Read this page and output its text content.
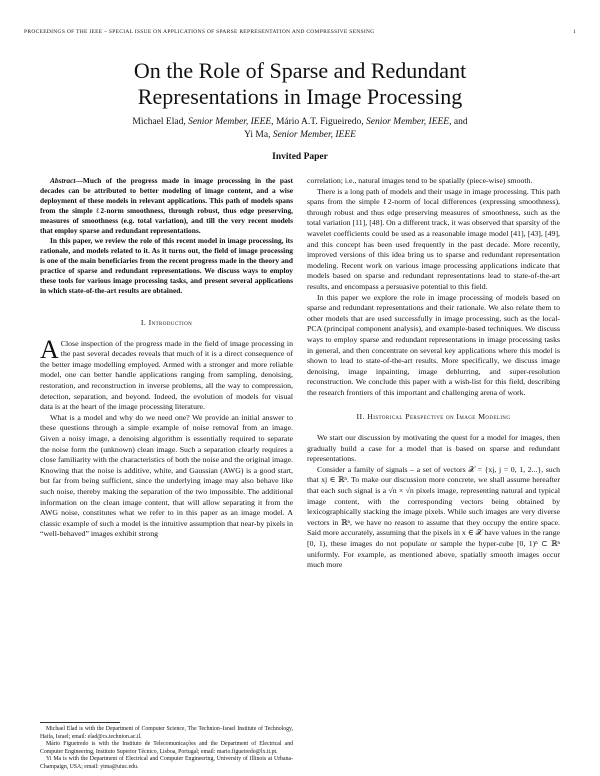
PROCEEDINGS OF THE IEEE – SPECIAL ISSUE ON APPLICATIONS OF SPARSE REPRESENTATION AND COMPRESSIVE SENSING	1
On the Role of Sparse and Redundant
Representations in Image Processing
Michael Elad, Senior Member, IEEE, Mário A.T. Figueiredo, Senior Member, IEEE, and
Yi Ma, Senior Member, IEEE
Invited Paper

Abstract—Much of the progress made in image processing in the past decades can be attributed to better modeling of image content, and a wise deployment of these models in relevant applications. This path of models spans from the simple ℓ2-norm smoothness, through robust, thus edge preserving, measures of smoothness (e.g. total variation), and till the very recent models that employ sparse and redundant representations.

In this paper, we review the role of this recent model in image processing, its rationale, and models related to it. As it turns out, the field of image processing is one of the main beneficiaries from the recent progress made in the theory and practice of sparse and redundant representations. We discuss ways to employ these tools for various image processing tasks, and present several applications in which state-of-the-art results are obtained.

I. Introduction

A Close inspection of the progress made in the field of image processing in the past several decades reveals that much of it is a direct consequence of the better image modelling employed. Armed with a stronger and more reliable model, one can better handle applications ranging from sampling, denoising, restoration, and reconstruction in inverse problems, all the way to compression, detection, separation, and beyond. Indeed, the evolution of models for visual data is at the heart of the image processing literature.

What is a model and why do we need one? We provide an initial answer to these questions through a simple example of noise removal from an image. Given a noisy image, a denoising algorithm is essentially required to separate the noise form the (unknown) clean image. Such a separation clearly requires a close familiarity with the characteristics of both the noise and the original image. Knowing that the noise is additive, white, and Gaussian (AWG) is a good start, but far from being sufficient, since the underlying image may also behave like such noise, thereby making the separation of the two impossible. The additional information on the clean image content, that will allow separating it from the AWG noise, constitutes what we refer to in this paper as an image model. A classic example of such a model is the intuitive assumption that near-by pixels in “well-behaved” images exhibit strong

correlation; i.e., natural images tend to be spatially (piece-wise) smooth.

There is a long path of models and their usage in image processing. This path spans from the simple ℓ2-norm of local differences (expressing smoothness), through robust and thus edge preserving measures of smoothness, such as the total variation [11], [48]. On a different track, it was observed that sparsity of the wavelet coefficients could be used as a reasonable image model [41], [43], [49], and this concept has been used frequently in the past decade. More recently, improved versions of this idea bring us to sparse and redundant representation modeling. Recent work on various image processing applications indicate that models based on sparse and redundant representations lead to state-of-the-art results, and encompass a persuasive potential to this field.

In this paper we explore the role in image processing of models based on sparse and redundant representations and their rationale. We also relate them to other models that are used successfully in image processing, such as the local-PCA (principal component analysis), and example-based techniques. We discuss ways to employ sparse and redundant representations in image processing tasks in general, and then concentrate on several key applications where this model is shown to lead to state-of-the-art results. More specifically, we discuss image denoising, image inpainting, image deblurring, and super-resolution reconstruction. We conclude this paper with a wish-list for this field, describing the research frontiers of this important and challenging arena of work.

II. Historical Perspective on Image Modeling

We start our discussion by motivating the quest for a model for images, then gradually build a case for a model that is based on sparse and redundant representations.

Consider a family of signals – a set of vectors 𝒳 = {xj, j = 0, 1, 2...}, such that xj ∈ ℝⁿ. To make our discussion more concrete, we shall assume hereafter that each such signal is a √n × √n pixels image, representing natural and typical image content, with the corresponding vectors being obtained by lexicographically stacking the image pixels. While such images are very diverse vectors in ℝⁿ, we have no reason to assume that they occupy the entire space. Said more accurately, assuming that the pixels in x ∈ 𝒳 have values in the range [0, 1), these images do not populate or sample the hyper-cube [0, 1)ⁿ ⊂ ℝⁿ uniformly. For example, as mentioned above, spatially smooth images occur much more

Michael Elad is with the Department of Computer Science, The Technion–Israel Institute of Technology, Haifa, Israel; email: elad@cs.technion.ac.il.

Mário Figueiredo is with the Instituto de Telecomunicações and the Department of Electrical and Computer Engineering, Instituto Superior Técnico, Lisboa, Portugal; email: mario.figueiredo@lx.it.pt.

Yi Ma is with the Department of Electrical and Computer Engineering, University of Illinois at Urbana-Champaign, USA; email: yima@uiuc.edu.
